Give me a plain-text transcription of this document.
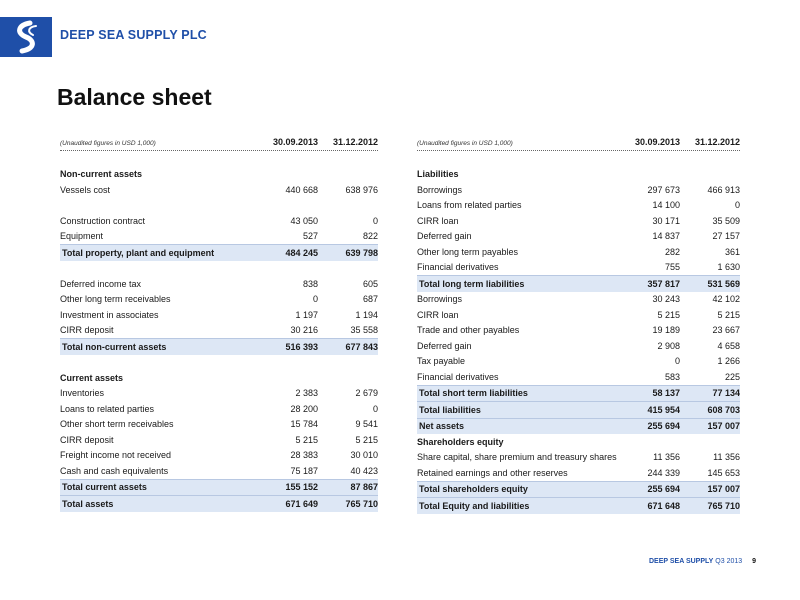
DEEP SEA SUPPLY PLC
Balance sheet
(Unaudited figures in USD 1,000)	30.09.2013	31.12.2012
Non-current assets
Vessels cost	440 668	638 976
Construction contract	43 050	0
Equipment	527	822
Total property, plant and equipment	484 245	639 798
Deferred income tax	838	605
Other long term receivables	0	687
Investment in associates	1 197	1 194
CIRR deposit	30 216	35 558
Total non-current assets	516 393	677 843
Current assets
Inventories	2 383	2 679
Loans to related parties	28 200	0
Other short term receivables	15 784	9 541
CIRR deposit	5 215	5 215
Freight income not received	28 383	30 010
Cash and cash equivalents	75 187	40 423
Total current assets	155 152	87 867
Total assets	671 649	765 710
(Unaudited figures in USD 1,000)	30.09.2013	31.12.2012
Liabilities
Borrowings	297 673	466 913
Loans from related parties	14 100	0
CIRR loan	30 171	35 509
Deferred gain	14 837	27 157
Other long term payables	282	361
Financial derivatives	755	1 630
Total long term liabilities	357 817	531 569
Borrowings	30 243	42 102
CIRR loan	5 215	5 215
Trade and other payables	19 189	23 667
Deferred gain	2 908	4 658
Tax payable	0	1 266
Financial derivatives	583	225
Total short term liabilities	58 137	77 134
Total liabilities	415 954	608 703
Net assets	255 694	157 007
Shareholders equity
Share capital, share premium and treasury shares	11 356	11 356
Retained earnings and other reserves	244 339	145 653
Total shareholders equity	255 694	157 007
Total Equity and liabilities	671 648	765 710
DEEP SEA SUPPLY Q3 2013 9
